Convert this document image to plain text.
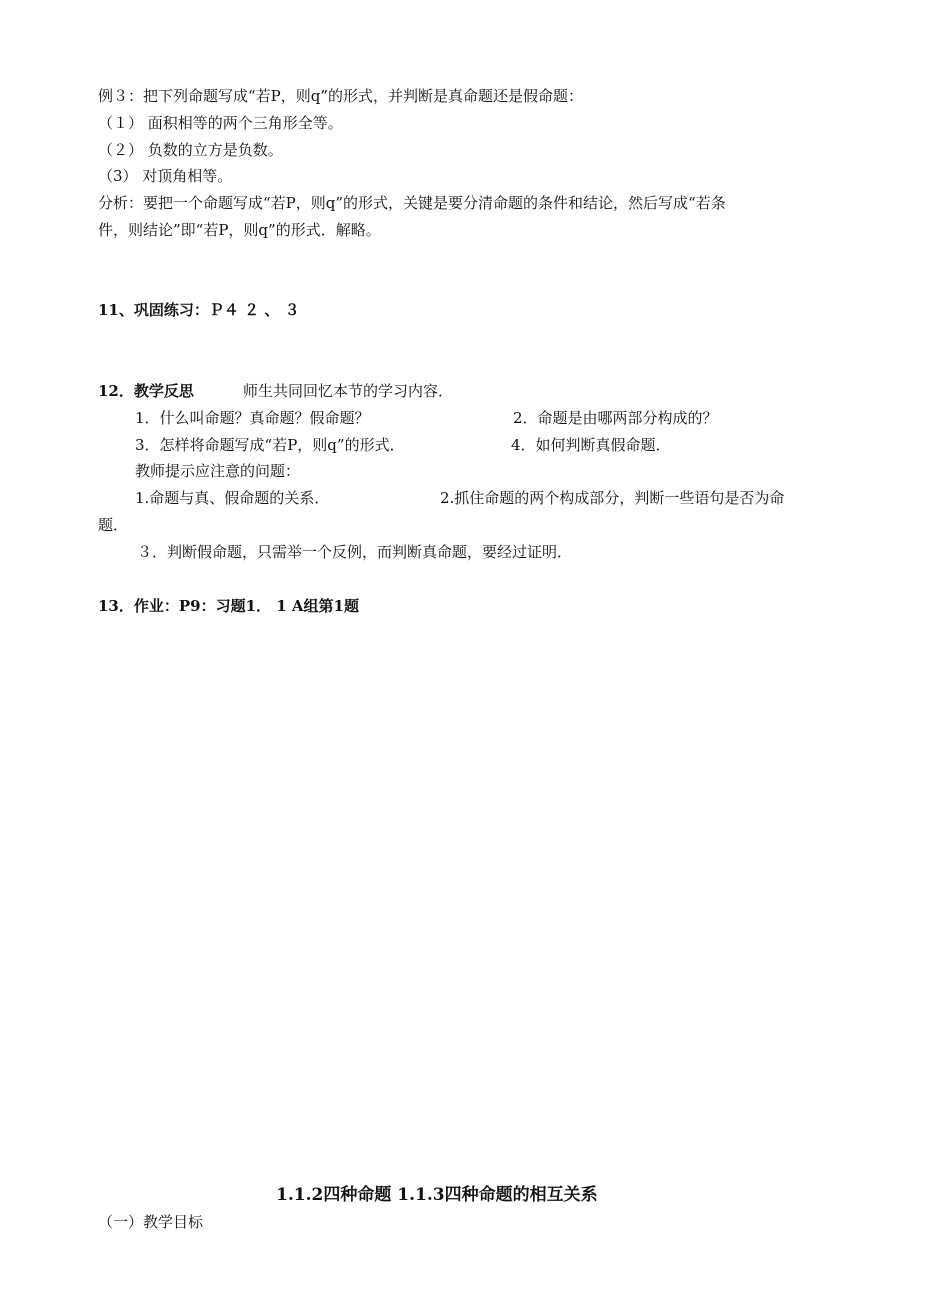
例３：把下列命题写成“若P，则q”的形式，并判断是真命题还是假命题：
（１） 面积相等的两个三角形全等。
（２） 负数的立方是负数。
（3） 对顶角相等。
分析：要把一个命题写成“若P，则q”的形式，关键是要分清命题的条件和结论，然后写成“若条
件，则结论”即“若P，则q”的形式．解略。
11、巩固练习：Ｐ４ ２ 、 ３
12．教学反思	师生共同回忆本节的学习内容．
1．什么叫命题？真命题？假命题？	2．命题是由哪两部分构成的？
3．怎样将命题写成“若P，则q”的形式．	4．如何判断真假命题．
教师提示应注意的问题：
1.命题与真、假命题的关系．	2.抓住命题的两个构成部分，判断一些语句是否为命
题．
３．判断假命题，只需举一个反例，而判断真命题，要经过证明．
13．作业：P9：习题1． 1 A组第1题
1.1.2四种命题 1.1.3四种命题的相互关系
（一）教学目标
